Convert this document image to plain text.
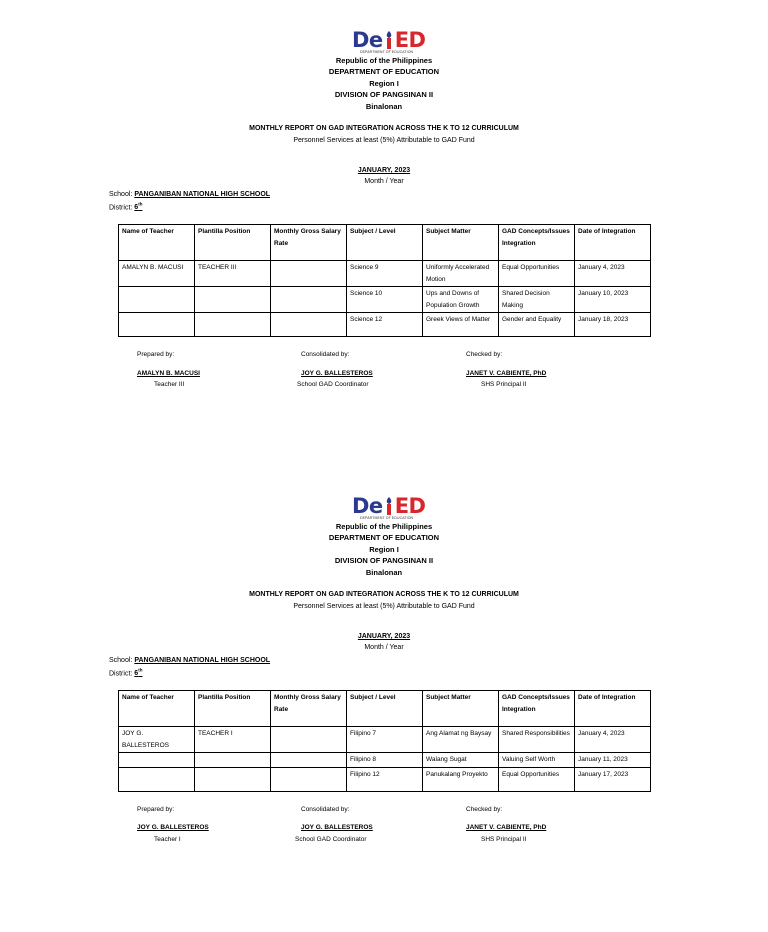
De ED
DEPARTMENT OF EDUCATION
Republic of the Philippines
DEPARTMENT OF EDUCATION
Region I
DIVISION OF PANGSINAN II
Binalonan
MONTHLY REPORT ON GAD INTEGRATION ACROSS THE K TO 12 CURRICULUM
Personnel Services at least (5%) Attributable to GAD Fund
JANUARY, 2023
Month / Year
School: PANGANIBAN NATIONAL HIGH SCHOOL
District: 6th
Name of Teacher	Plantilla Position	Monthly Gross Salary Rate	Subject / Level	Subject Matter	GAD Concepts/Issues Integration	Date of Integration
AMALYN B. MACUSI	TEACHER III		Science 9	Uniformly Accelerated Motion	Equal Opportunities	January 4, 2023
			Science 10	Ups and Downs of Population Growth	Shared Decision Making	January 10, 2023
			Science 12	Greek Views of Matter	Gender and Equality	January 18, 2023
Prepared by:	Consolidated by:	Checked by:
AMALYN B. MACUSI	JOY G. BALLESTEROS	JANET V. CABIENTE, PhD
Teacher III	School GAD Coordinator	SHS Principal II
De ED
DEPARTMENT OF EDUCATION
Republic of the Philippines
DEPARTMENT OF EDUCATION
Region I
DIVISION OF PANGSINAN II
Binalonan
MONTHLY REPORT ON GAD INTEGRATION ACROSS THE K TO 12 CURRICULUM
Personnel Services at least (5%) Attributable to GAD Fund
JANUARY, 2023
Month / Year
School: PANGANIBAN NATIONAL HIGH SCHOOL
District: 6th
Name of Teacher	Plantilla Position	Monthly Gross Salary Rate	Subject / Level	Subject Matter	GAD Concepts/Issues Integration	Date of Integration
JOY G. BALLESTEROS	TEACHER I		Filipino 7	Ang Alamat ng Baysay	Shared Responsibilities	January 4, 2023
			Filipino 8	Walang Sugat	Valuing Self Worth	January 11, 2023
			Filipino 12	Panukalang Proyekto	Equal Opportunities	January 17, 2023
Prepared by:	Consolidated by:	Checked by:
JOY G. BALLESTEROS	JOY G. BALLESTEROS	JANET V. CABIENTE, PhD
Teacher I	School GAD Coordinator	SHS Principal II
